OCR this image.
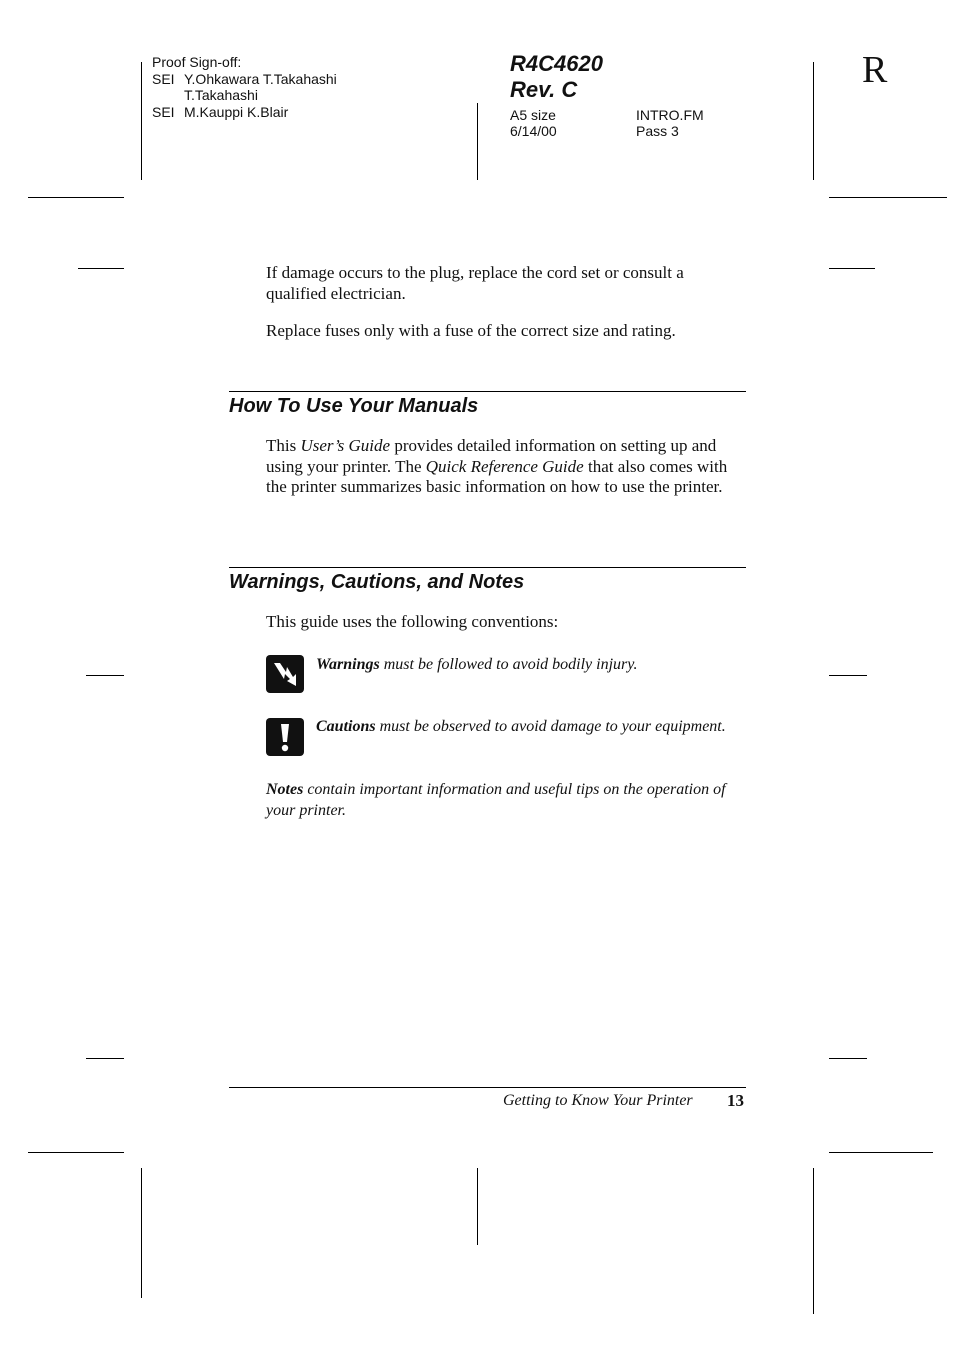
Proof Sign-off:
SEI Y.Ohkawara T.Takahashi
T.Takahashi
SEI M.Kauppi K.Blair
R4C4620
Rev. C
A5 size
6/14/00
INTRO.FM
Pass 3
R

If damage occurs to the plug, replace the cord set or consult a qualified electrician.

Replace fuses only with a fuse of the correct size and rating.

How To Use Your Manuals

This User’s Guide provides detailed information on setting up and using your printer. The Quick Reference Guide that also comes with the printer summarizes basic information on how to use the printer.

Warnings, Cautions, and Notes

This guide uses the following conventions:

Warnings must be followed to avoid bodily injury.
Cautions must be observed to avoid damage to your equipment.
Notes contain important information and useful tips on the operation of your printer.
Getting to Know Your Printer 13
